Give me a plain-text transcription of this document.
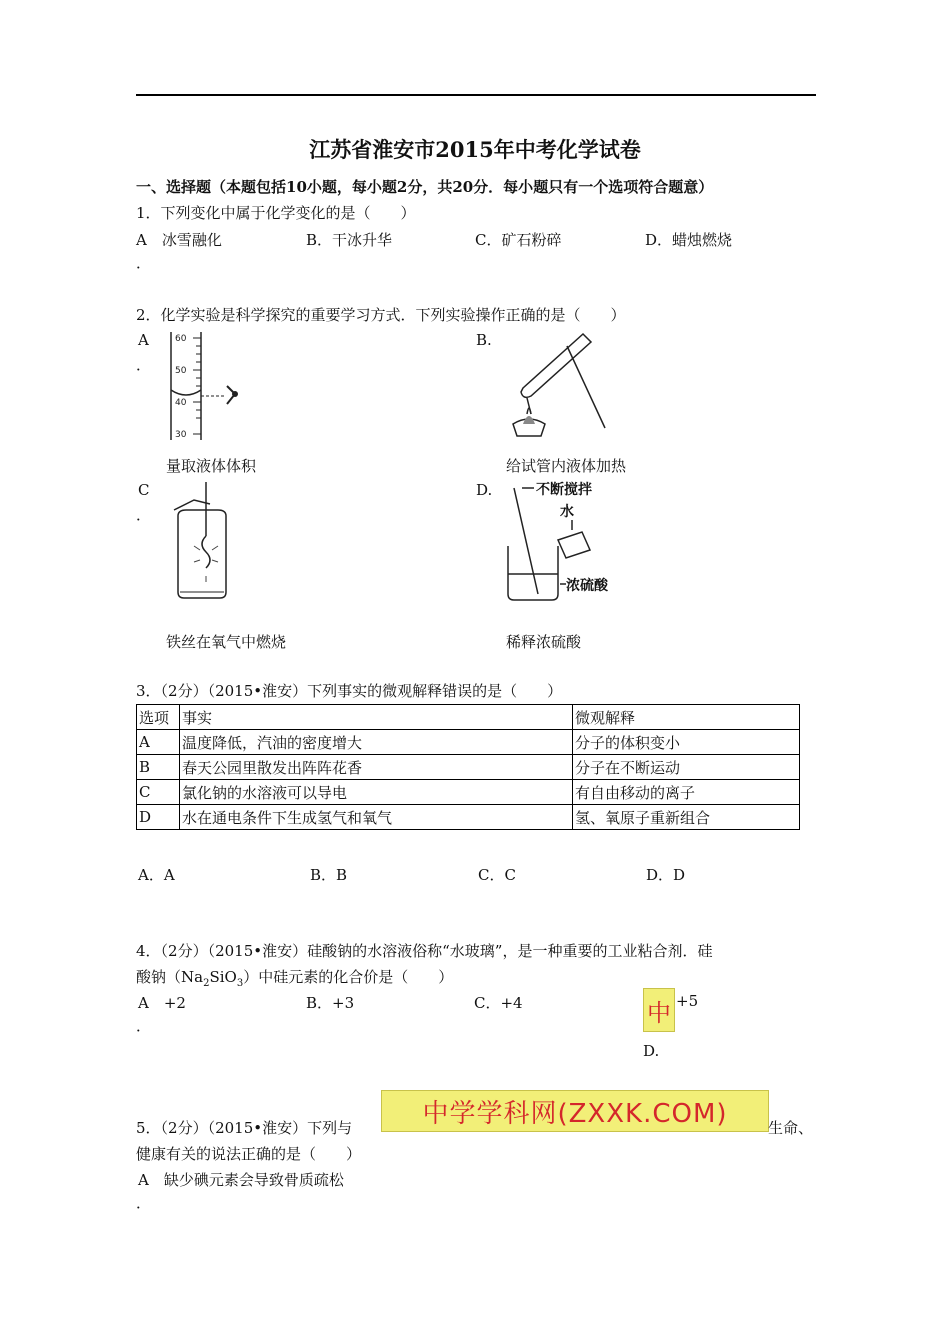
江苏省淮安市2015年中考化学试卷
一、选择题（本题包括10小题，每小题2分，共20分．每小题只有一个选项符合题意）
1．下列变化中属于化学变化的是（　　）
A　冰雪融化
．
B．干冰升华	C．矿石粉碎	D．蜡烛燃烧
2．化学实验是科学探究的重要学习方式．下列实验操作正确的是（　　）
A
．
60
50
40
30
量取液体体积
B.
给试管内液体加热
C
．
铁丝在氧气中燃烧
D.	不断搅拌
水
浓硫酸
稀释浓硫酸
3．（2分）（2015•淮安）下列事实的微观解释错误的是（　　）
选项	事实	微观解释
A	温度降低，汽油的密度增大	分子的体积变小
B	春天公园里散发出阵阵花香	分子在不断运动
C	氯化钠的水溶液可以导电	有自由移动的离子
D	水在通电条件下生成氢气和氧气	氢、氧原子重新组合
A．A	B．B	C．C	D．D
4．（2分）（2015•淮安）硅酸钠的水溶液俗称“水玻璃”，是一种重要的工业粘合剂．硅
酸钠$(Na_2SiO_3)$中硅元素的化合价是（　　）
A　+2
．
B．+3	C．+4	中 +5
D.
5．（2分）（2015•淮安）下列与	中学学科网(ZXXK.COM)	生命、
健康有关的说法正确的是（　　）
A　缺少碘元素会导致骨质疏松
．
